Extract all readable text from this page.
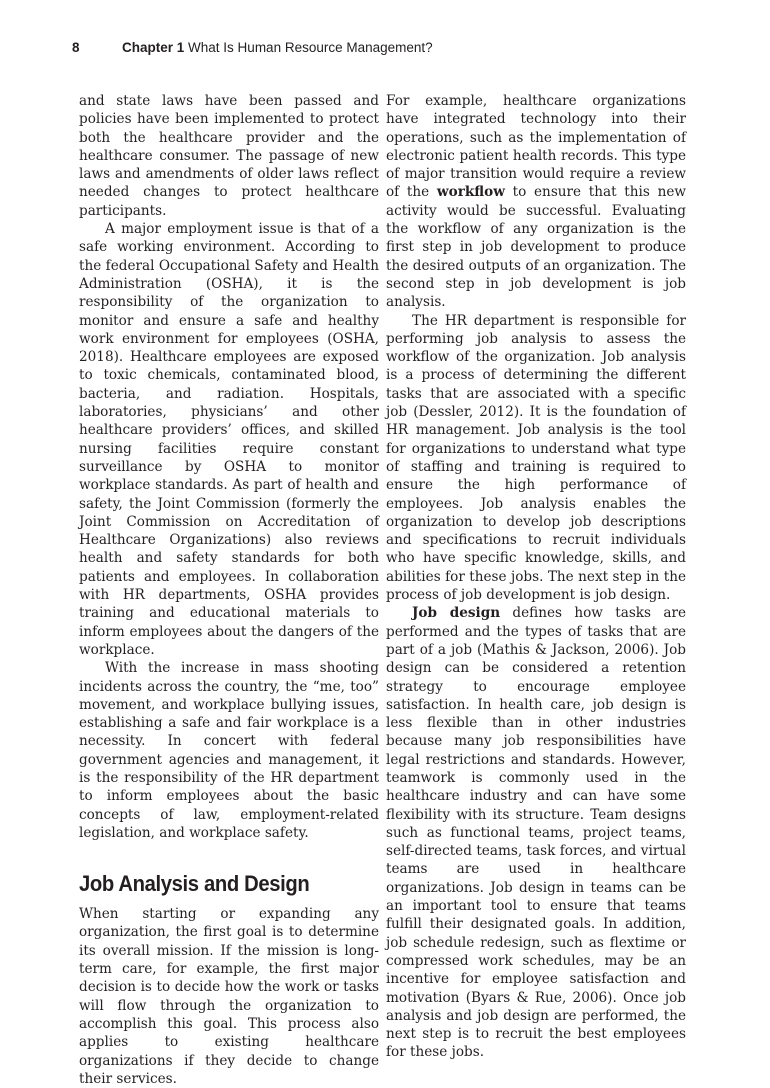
8	Chapter 1 What Is Human Resource Management?

and state laws have been passed and policies have been implemented to protect both the healthcare provider and the healthcare consumer. The passage of new laws and amendments of older laws reflect needed changes to protect healthcare participants.

A major employment issue is that of a safe working environment. According to the federal Occupational Safety and Health Administration (OSHA), it is the responsibility of the organization to monitor and ensure a safe and healthy work environment for employees (OSHA, 2018). Healthcare employees are exposed to toxic chemicals, contaminated blood, bacteria, and radiation. Hospitals, laboratories, physicians’ and other healthcare providers’ offices, and skilled nursing facilities require constant surveillance by OSHA to monitor workplace standards. As part of health and safety, the Joint Commission (formerly the Joint Commission on Accreditation of Healthcare Organizations) also reviews health and safety standards for both patients and employees. In collaboration with HR departments, OSHA provides training and educational materials to inform employees about the dangers of the workplace.

With the increase in mass shooting incidents across the country, the “me, too” movement, and workplace bullying issues, establishing a safe and fair workplace is a necessity. In concert with federal government agencies and management, it is the responsibility of the HR department to inform employees about the basic concepts of law, employment-related legislation, and workplace safety.

Job Analysis and Design

When starting or expanding any organization, the first goal is to determine its overall mission. If the mission is long-term care, for example, the first major decision is to decide how the work or tasks will flow through the organization to accomplish this goal. This process also applies to existing healthcare organizations if they decide to change their services.

For example, healthcare organizations have integrated technology into their operations, such as the implementation of electronic patient health records. This type of major transition would require a review of the workflow to ensure that this new activity would be successful. Evaluating the workflow of any organization is the first step in job development to produce the desired outputs of an organization. The second step in job development is job analysis.

The HR department is responsible for performing job analysis to assess the workflow of the organization. Job analysis is a process of determining the different tasks that are associated with a specific job (Dessler, 2012). It is the foundation of HR management. Job analysis is the tool for organizations to understand what type of staffing and training is required to ensure the high performance of employees. Job analysis enables the organization to develop job descriptions and specifications to recruit individuals who have specific knowledge, skills, and abilities for these jobs. The next step in the process of job development is job design.

Job design defines how tasks are performed and the types of tasks that are part of a job (Mathis & Jackson, 2006). Job design can be considered a retention strategy to encourage employee satisfaction. In health care, job design is less flexible than in other industries because many job responsibilities have legal restrictions and standards. However, teamwork is commonly used in the healthcare industry and can have some flexibility with its structure. Team designs such as functional teams, project teams, self-directed teams, task forces, and virtual teams are used in healthcare organizations. Job design in teams can be an important tool to ensure that teams fulfill their designated goals. In addition, job schedule redesign, such as flextime or compressed work schedules, may be an incentive for employee satisfaction and motivation (Byars & Rue, 2006). Once job analysis and job design are performed, the next step is to recruit the best employees for these jobs.
